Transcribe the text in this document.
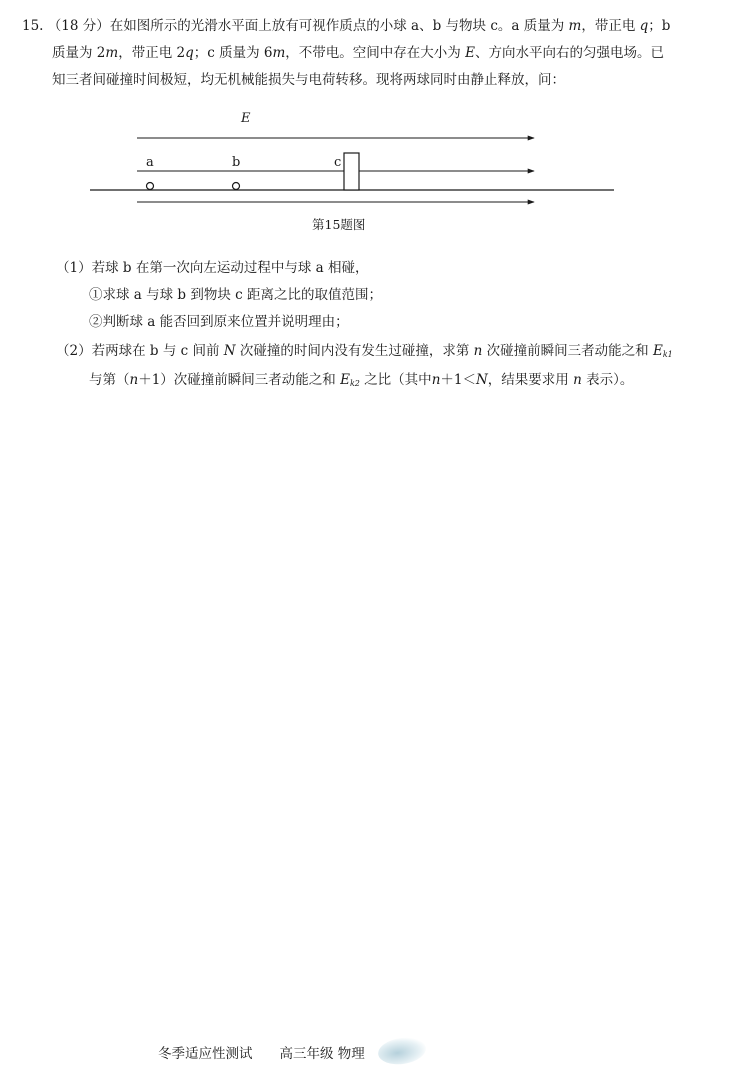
15. （18 分）在如图所示的光滑水平面上放有可视作质点的小球 a、b 与物块 c。a 质量为 m，带正电 q；b
质量为 2m，带正电 2q；c 质量为 6m，不带电。空间中存在大小为 E、方向水平向右的匀强电场。已
知三者间碰撞时间极短，均无机械能损失与电荷转移。现将两球同时由静止释放，问：
E
a	b	c
第15题图
（1）若球 b 在第一次向左运动过程中与球 a 相碰，
①求球 a 与球 b 到物块 c 距离之比的取值范围；
②判断球 a 能否回到原来位置并说明理由；
（2）若两球在 b 与 c 间前 N 次碰撞的时间内没有发生过碰撞，求第 n 次碰撞前瞬间三者动能之和 $E_{k1}$
与第（n＋1）次碰撞前瞬间三者动能之和 $E_{k2}$ 之比（其中n＋1＜N，结果要求用 n 表示）。
冬季适应性测试　　高三年级 物理
